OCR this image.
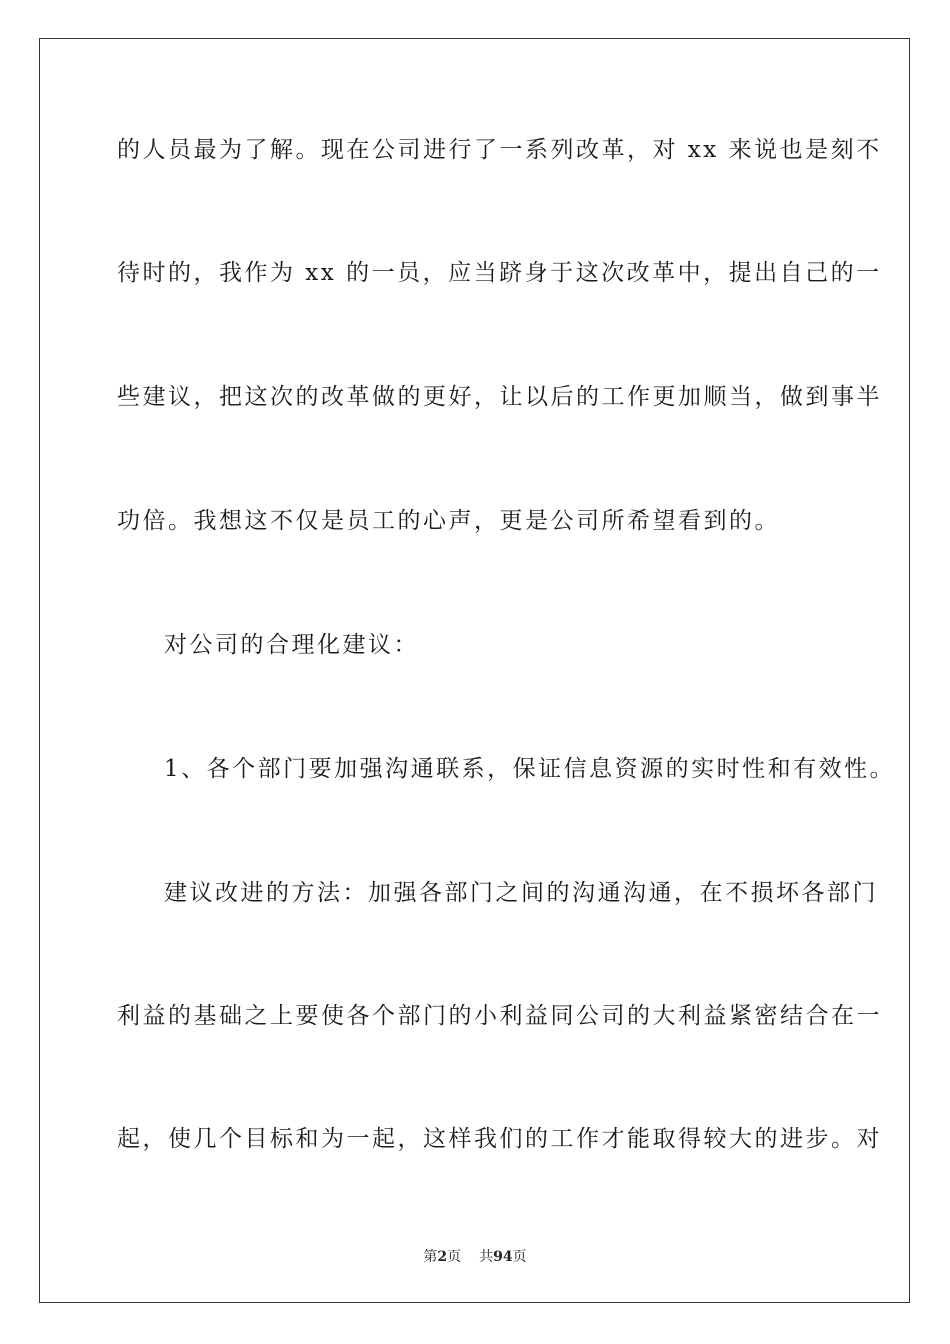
的人员最为了解。现在公司进行了一系列改革，对 xx 来说也是刻不
待时的，我作为 xx 的一员，应当跻身于这次改革中，提出自己的一
些建议，把这次的改革做的更好，让以后的工作更加顺当，做到事半
功倍。我想这不仅是员工的心声，更是公司所希望看到的。
对公司的合理化建议：
1、各个部门要加强沟通联系，保证信息资源的实时性和有效性。
建议改进的方法：加强各部门之间的沟通沟通，在不损坏各部门
利益的基础之上要使各个部门的小利益同公司的大利益紧密结合在一
起，使几个目标和为一起，这样我们的工作才能取得较大的进步。对
第2页 共94页
